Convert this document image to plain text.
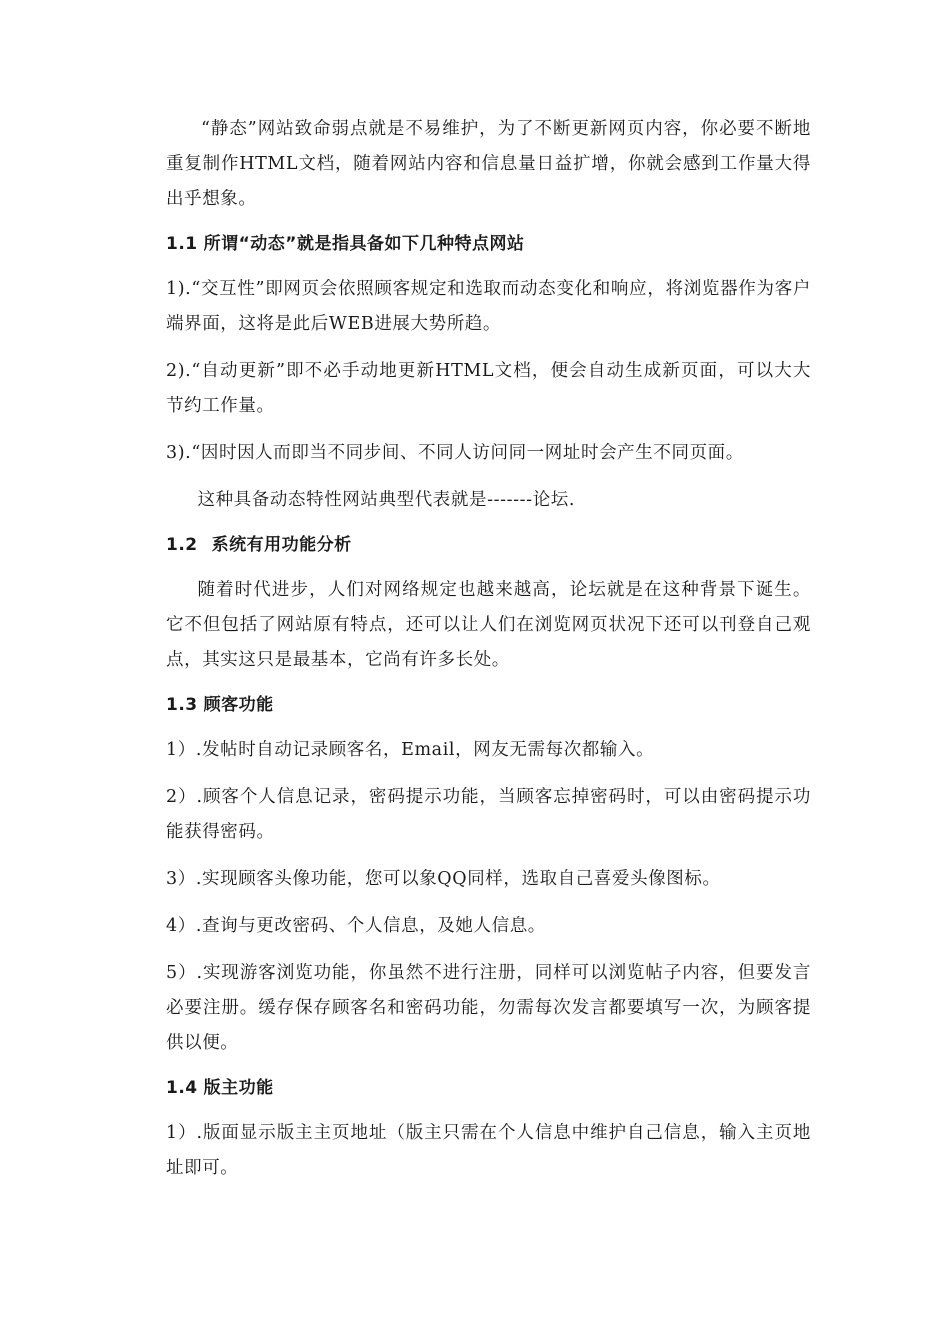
“静态”网站致命弱点就是不易维护，为了不断更新网页内容，你必要不断地重复制作HTML文档，随着网站内容和信息量日益扩增，你就会感到工作量大得出乎想象。

1.1 所谓“动态”就是指具备如下几种特点网站

1).“交互性”即网页会依照顾客规定和选取而动态变化和响应，将浏览器作为客户端界面，这将是此后WEB进展大势所趋。

2).“自动更新”即不必手动地更新HTML文档，便会自动生成新页面，可以大大节约工作量。

3).“因时因人而即当不同步间、不同人访问同一网址时会产生不同页面。

这种具备动态特性网站典型代表就是-------论坛.

1.2 系统有用功能分析

随着时代进步，人们对网络规定也越来越高，论坛就是在这种背景下诞生。它不但包括了网站原有特点，还可以让人们在浏览网页状况下还可以刊登自己观点，其实这只是最基本，它尚有许多长处。

1.3 顾客功能

1）.发帖时自动记录顾客名，Email，网友无需每次都输入。

2）.顾客个人信息记录，密码提示功能，当顾客忘掉密码时，可以由密码提示功能获得密码。

3）.实现顾客头像功能，您可以象QQ同样，选取自己喜爱头像图标。

4）.查询与更改密码、个人信息，及她人信息。

5）.实现游客浏览功能，你虽然不进行注册，同样可以浏览帖子内容，但要发言必要注册。缓存保存顾客名和密码功能，勿需每次发言都要填写一次，为顾客提供以便。

1.4 版主功能

1）.版面显示版主主页地址（版主只需在个人信息中维护自己信息，输入主页地址即可。
